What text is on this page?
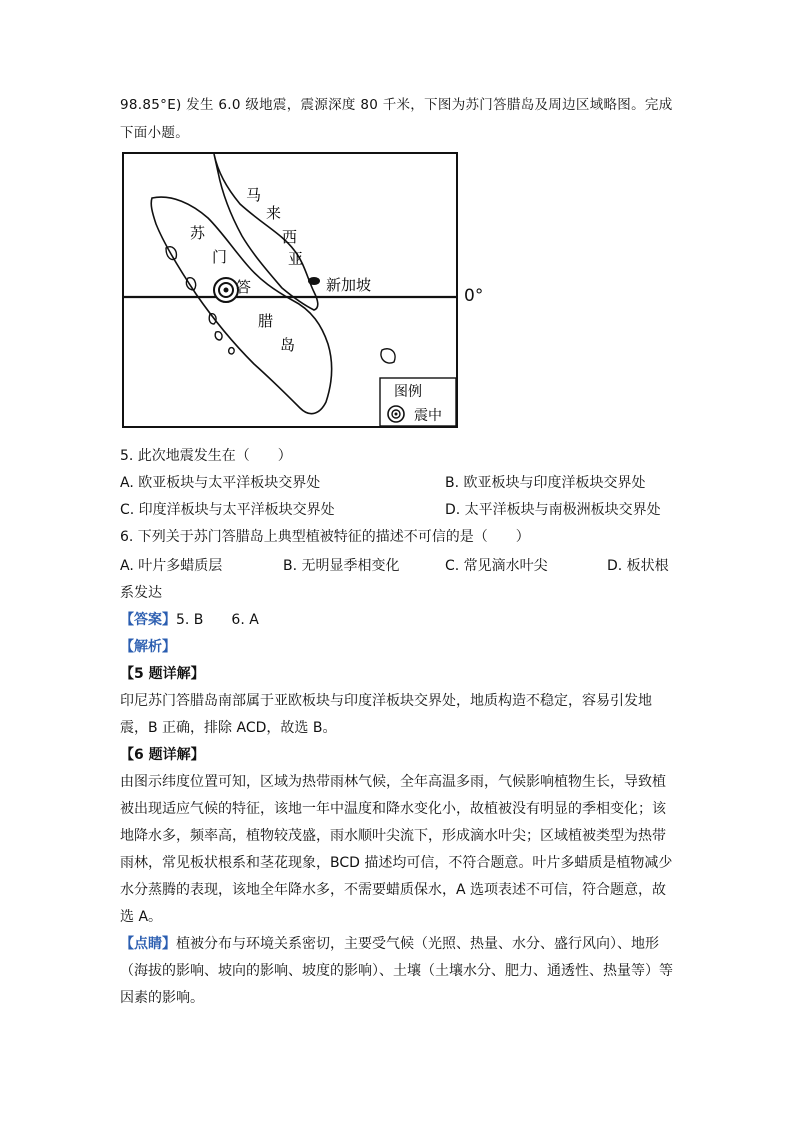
98.85°E) 发生 6.0 级地震，震源深度 80 千米，下图为苏门答腊岛及周边区域略图。完成
下面小题。
马
来
西
亚
苏
门
答
腊
岛
新加坡
图例
震中
0°
5. 此次地震发生在（　　）
A. 欧亚板块与太平洋板块交界处	B. 欧亚板块与印度洋板块交界处
C. 印度洋板块与太平洋板块交界处	D. 太平洋板块与南极洲板块交界处
6. 下列关于苏门答腊岛上典型植被特征的描述不可信的是（　　）
A. 叶片多蜡质层	B. 无明显季相变化	C. 常见滴水叶尖	D. 板状根
系发达
【答案】5. B　　6. A
【解析】
【5 题详解】
印尼苏门答腊岛南部属于亚欧板块与印度洋板块交界处，地质构造不稳定，容易引发地
震，B 正确，排除 ACD，故选 B。
【6 题详解】
由图示纬度位置可知，区域为热带雨林气候，全年高温多雨，气候影响植物生长，导致植
被出现适应气候的特征，该地一年中温度和降水变化小，故植被没有明显的季相变化；该
地降水多，频率高，植物较茂盛，雨水顺叶尖流下，形成滴水叶尖；区域植被类型为热带
雨林，常见板状根系和茎花现象，BCD 描述均可信，不符合题意。叶片多蜡质是植物减少
水分蒸腾的表现，该地全年降水多，不需要蜡质保水，A 选项表述不可信，符合题意，故
选 A。
【点睛】植被分布与环境关系密切，主要受气候（光照、热量、水分、盛行风向）、地形
（海拔的影响、坡向的影响、坡度的影响）、土壤（土壤水分、肥力、通透性、热量等）等
因素的影响。
